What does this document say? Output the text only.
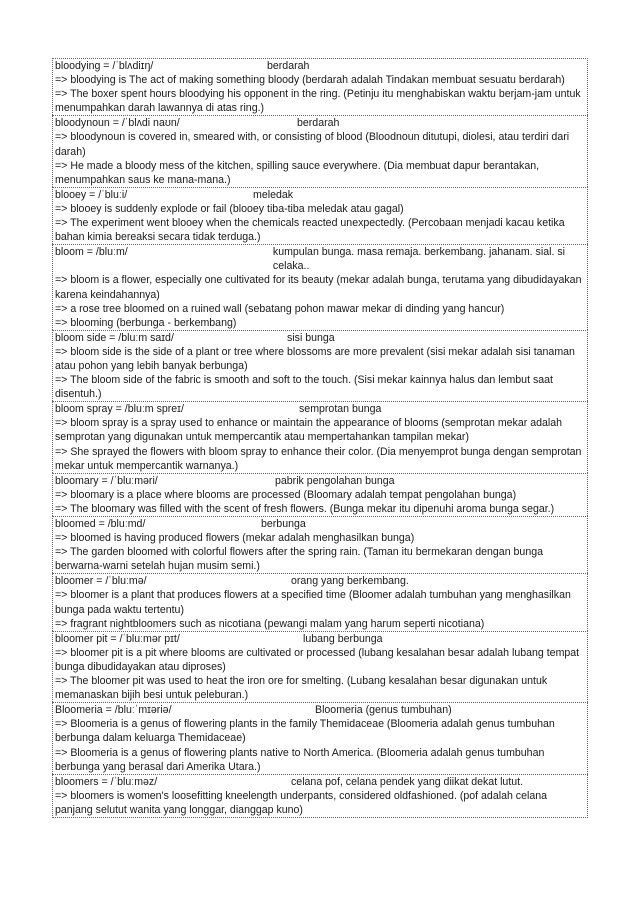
bloodying = /ˈblʌdiɪŋ/	berdarah
=> bloodying is The act of making something bloody (berdarah adalah Tindakan membuat sesuatu berdarah)
=> The boxer spent hours bloodying his opponent in the ring. (Petinju itu menghabiskan waktu berjam-jam untuk menumpahkan darah lawannya di atas ring.)
bloodynoun = /ˈblʌdi naʊn/	berdarah
=> bloodynoun is covered in, smeared with, or consisting of blood (Bloodnoun ditutupi, diolesi, atau terdiri dari darah)
=> He made a bloody mess of the kitchen, spilling sauce everywhere. (Dia membuat dapur berantakan, menumpahkan saus ke mana-mana.)
blooey = /ˈbluːi/	meledak
=> blooey is suddenly explode or fail (blooey tiba-tiba meledak atau gagal)
=> The experiment went blooey when the chemicals reacted unexpectedly. (Percobaan menjadi kacau ketika bahan kimia bereaksi secara tidak terduga.)
bloom = /bluːm/	kumpulan bunga. masa remaja. berkembang. jahanam. sial. si celaka..
=> bloom is a flower, especially one cultivated for its beauty (mekar adalah bunga, terutama yang dibudidayakan karena keindahannya)
=> a rose tree bloomed on a ruined wall (sebatang pohon mawar mekar di dinding yang hancur)
=> blooming (berbunga - berkembang)
bloom side = /bluːm saɪd/	sisi bunga
=> bloom side is the side of a plant or tree where blossoms are more prevalent (sisi mekar adalah sisi tanaman atau pohon yang lebih banyak berbunga)
=> The bloom side of the fabric is smooth and soft to the touch. (Sisi mekar kainnya halus dan lembut saat disentuh.)
bloom spray = /bluːm spreɪ/	semprotan bunga
=> bloom spray is a spray used to enhance or maintain the appearance of blooms (semprotan mekar adalah semprotan yang digunakan untuk mempercantik atau mempertahankan tampilan mekar)
=> She sprayed the flowers with bloom spray to enhance their color. (Dia menyemprot bunga dengan semprotan mekar untuk mempercantik warnanya.)
bloomary = /ˈbluːməri/	pabrik pengolahan bunga
=> bloomary is a place where blooms are processed (Bloomary adalah tempat pengolahan bunga)
=> The bloomary was filled with the scent of fresh flowers. (Bunga mekar itu dipenuhi aroma bunga segar.)
bloomed = /bluːmd/	berbunga
=> bloomed is having produced flowers (mekar adalah menghasilkan bunga)
=> The garden bloomed with colorful flowers after the spring rain. (Taman itu bermekaran dengan bunga berwarna-warni setelah hujan musim semi.)
bloomer = /ˈbluːmə/	orang yang berkembang.
=> bloomer is a plant that produces flowers at a specified time (Bloomer adalah tumbuhan yang menghasilkan bunga pada waktu tertentu)
=> fragrant nightbloomers such as nicotiana (pewangi malam yang harum seperti nicotiana)
bloomer pit = /ˈbluːmər pɪt/	lubang berbunga
=> bloomer pit is a pit where blooms are cultivated or processed (lubang kesalahan besar adalah lubang tempat bunga dibudidayakan atau diproses)
=> The bloomer pit was used to heat the iron ore for smelting. (Lubang kesalahan besar digunakan untuk memanaskan bijih besi untuk peleburan.)
Bloomeria = /bluːˈmɪəriə/	Bloomeria (genus tumbuhan)
=> Bloomeria is a genus of flowering plants in the family Themidaceae (Bloomeria adalah genus tumbuhan berbunga dalam keluarga Themidaceae)
=> Bloomeria is a genus of flowering plants native to North America. (Bloomeria adalah genus tumbuhan berbunga yang berasal dari Amerika Utara.)
bloomers = /ˈbluːməz/	celana pof, celana pendek yang diikat dekat lutut.
=> bloomers is women's loosefitting kneelength underpants, considered oldfashioned. (pof adalah celana panjang selutut wanita yang longgar, dianggap kuno)
